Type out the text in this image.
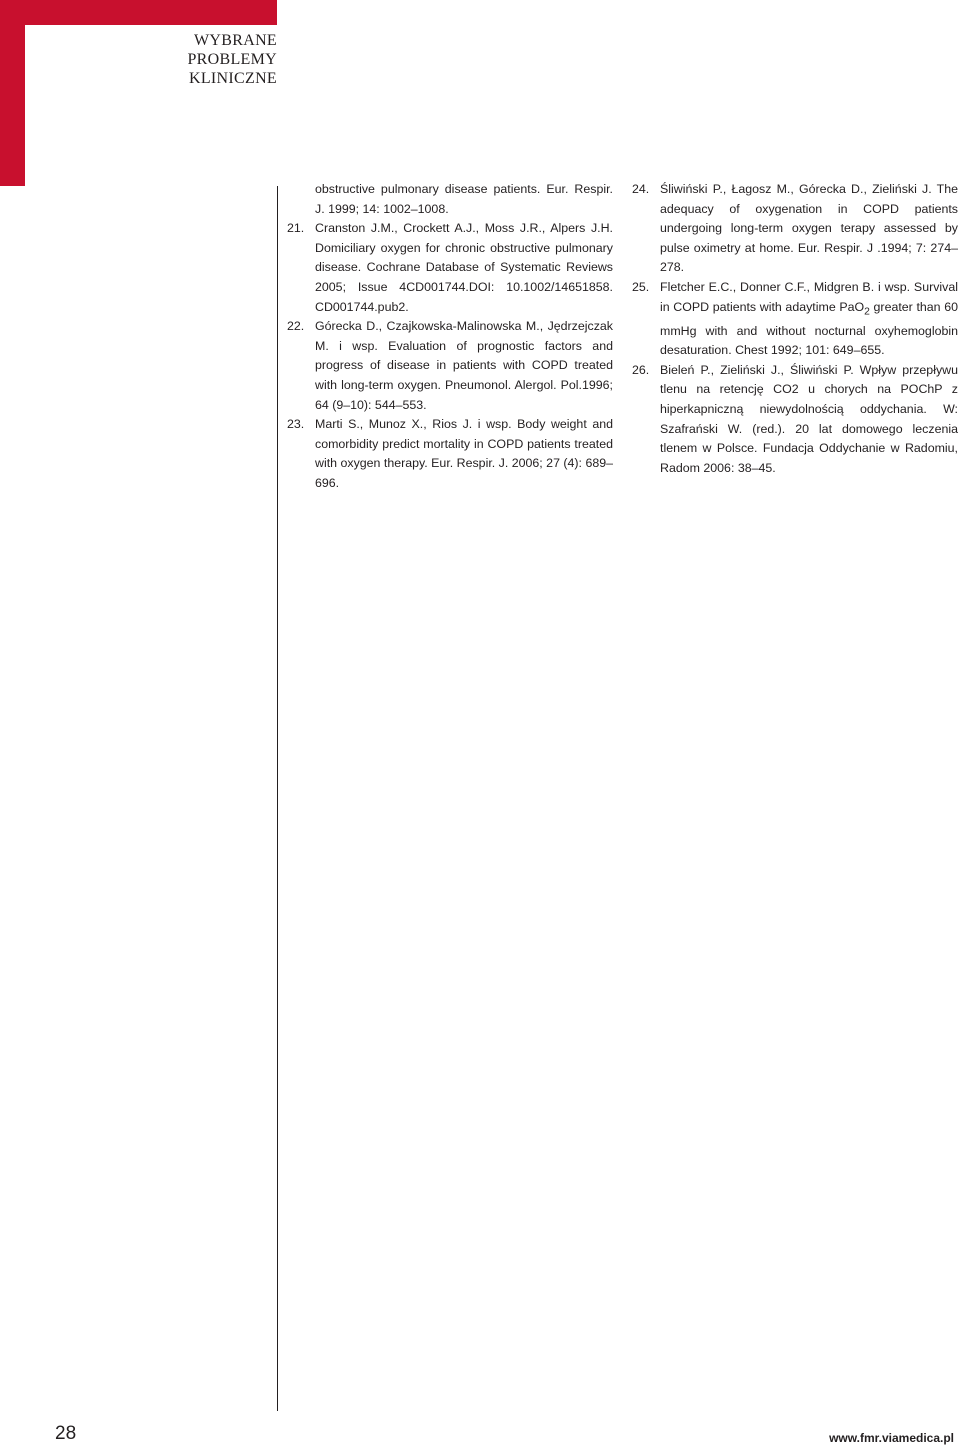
WYBRANE
PROBLEMY
KLINICZNE
obstructive pulmonary disease patients. Eur. Respir. J. 1999; 14: 1002–1008.
21. Cranston J.M., Crockett A.J., Moss J.R., Alpers J.H. Domiciliary oxygen for chronic obstructive pulmonary disease. Cochrane Database of Systematic Reviews 2005; Issue 4CD001744.DOI: 10.1002/14651858. CD001744.pub2.
22. Górecka D., Czajkowska-Malinowska M., Jędrzejczak M. i wsp. Evaluation of prognostic factors and progress of disease in patients with COPD treated with long-term oxygen. Pneumonol. Alergol. Pol.1996; 64 (9–10): 544–553.
23. Marti S., Munoz X., Rios J. i wsp. Body weight and comorbidity predict mortality in COPD patients treated with oxygen therapy. Eur. Respir. J. 2006; 27 (4): 689–696.
24. Śliwiński P., Łagosz M., Górecka D., Zieliński J. The adequacy of oxygenation in COPD patients undergoing long-term oxygen terapy assessed by pulse oximetry at home. Eur. Respir. J .1994; 7: 274–278.
25. Fletcher E.C., Donner C.F., Midgren B. i wsp. Survival in COPD patients with adaytime PaO$_2$ greater than 60 mmHg with and without nocturnal oxyhemoglobin desaturation. Chest 1992; 101: 649–655.
26. Bieleń P., Zieliński J., Śliwiński P. Wpływ przepływu tlenu na retencję CO2 u chorych na POChP z hiperkapniczną niewydolnością oddychania. W: Szafrański W. (red.). 20 lat domowego leczenia tlenem w Polsce. Fundacja Oddychanie w Radomiu, Radom 2006: 38–45.
28	www.fmr.viamedica.pl
